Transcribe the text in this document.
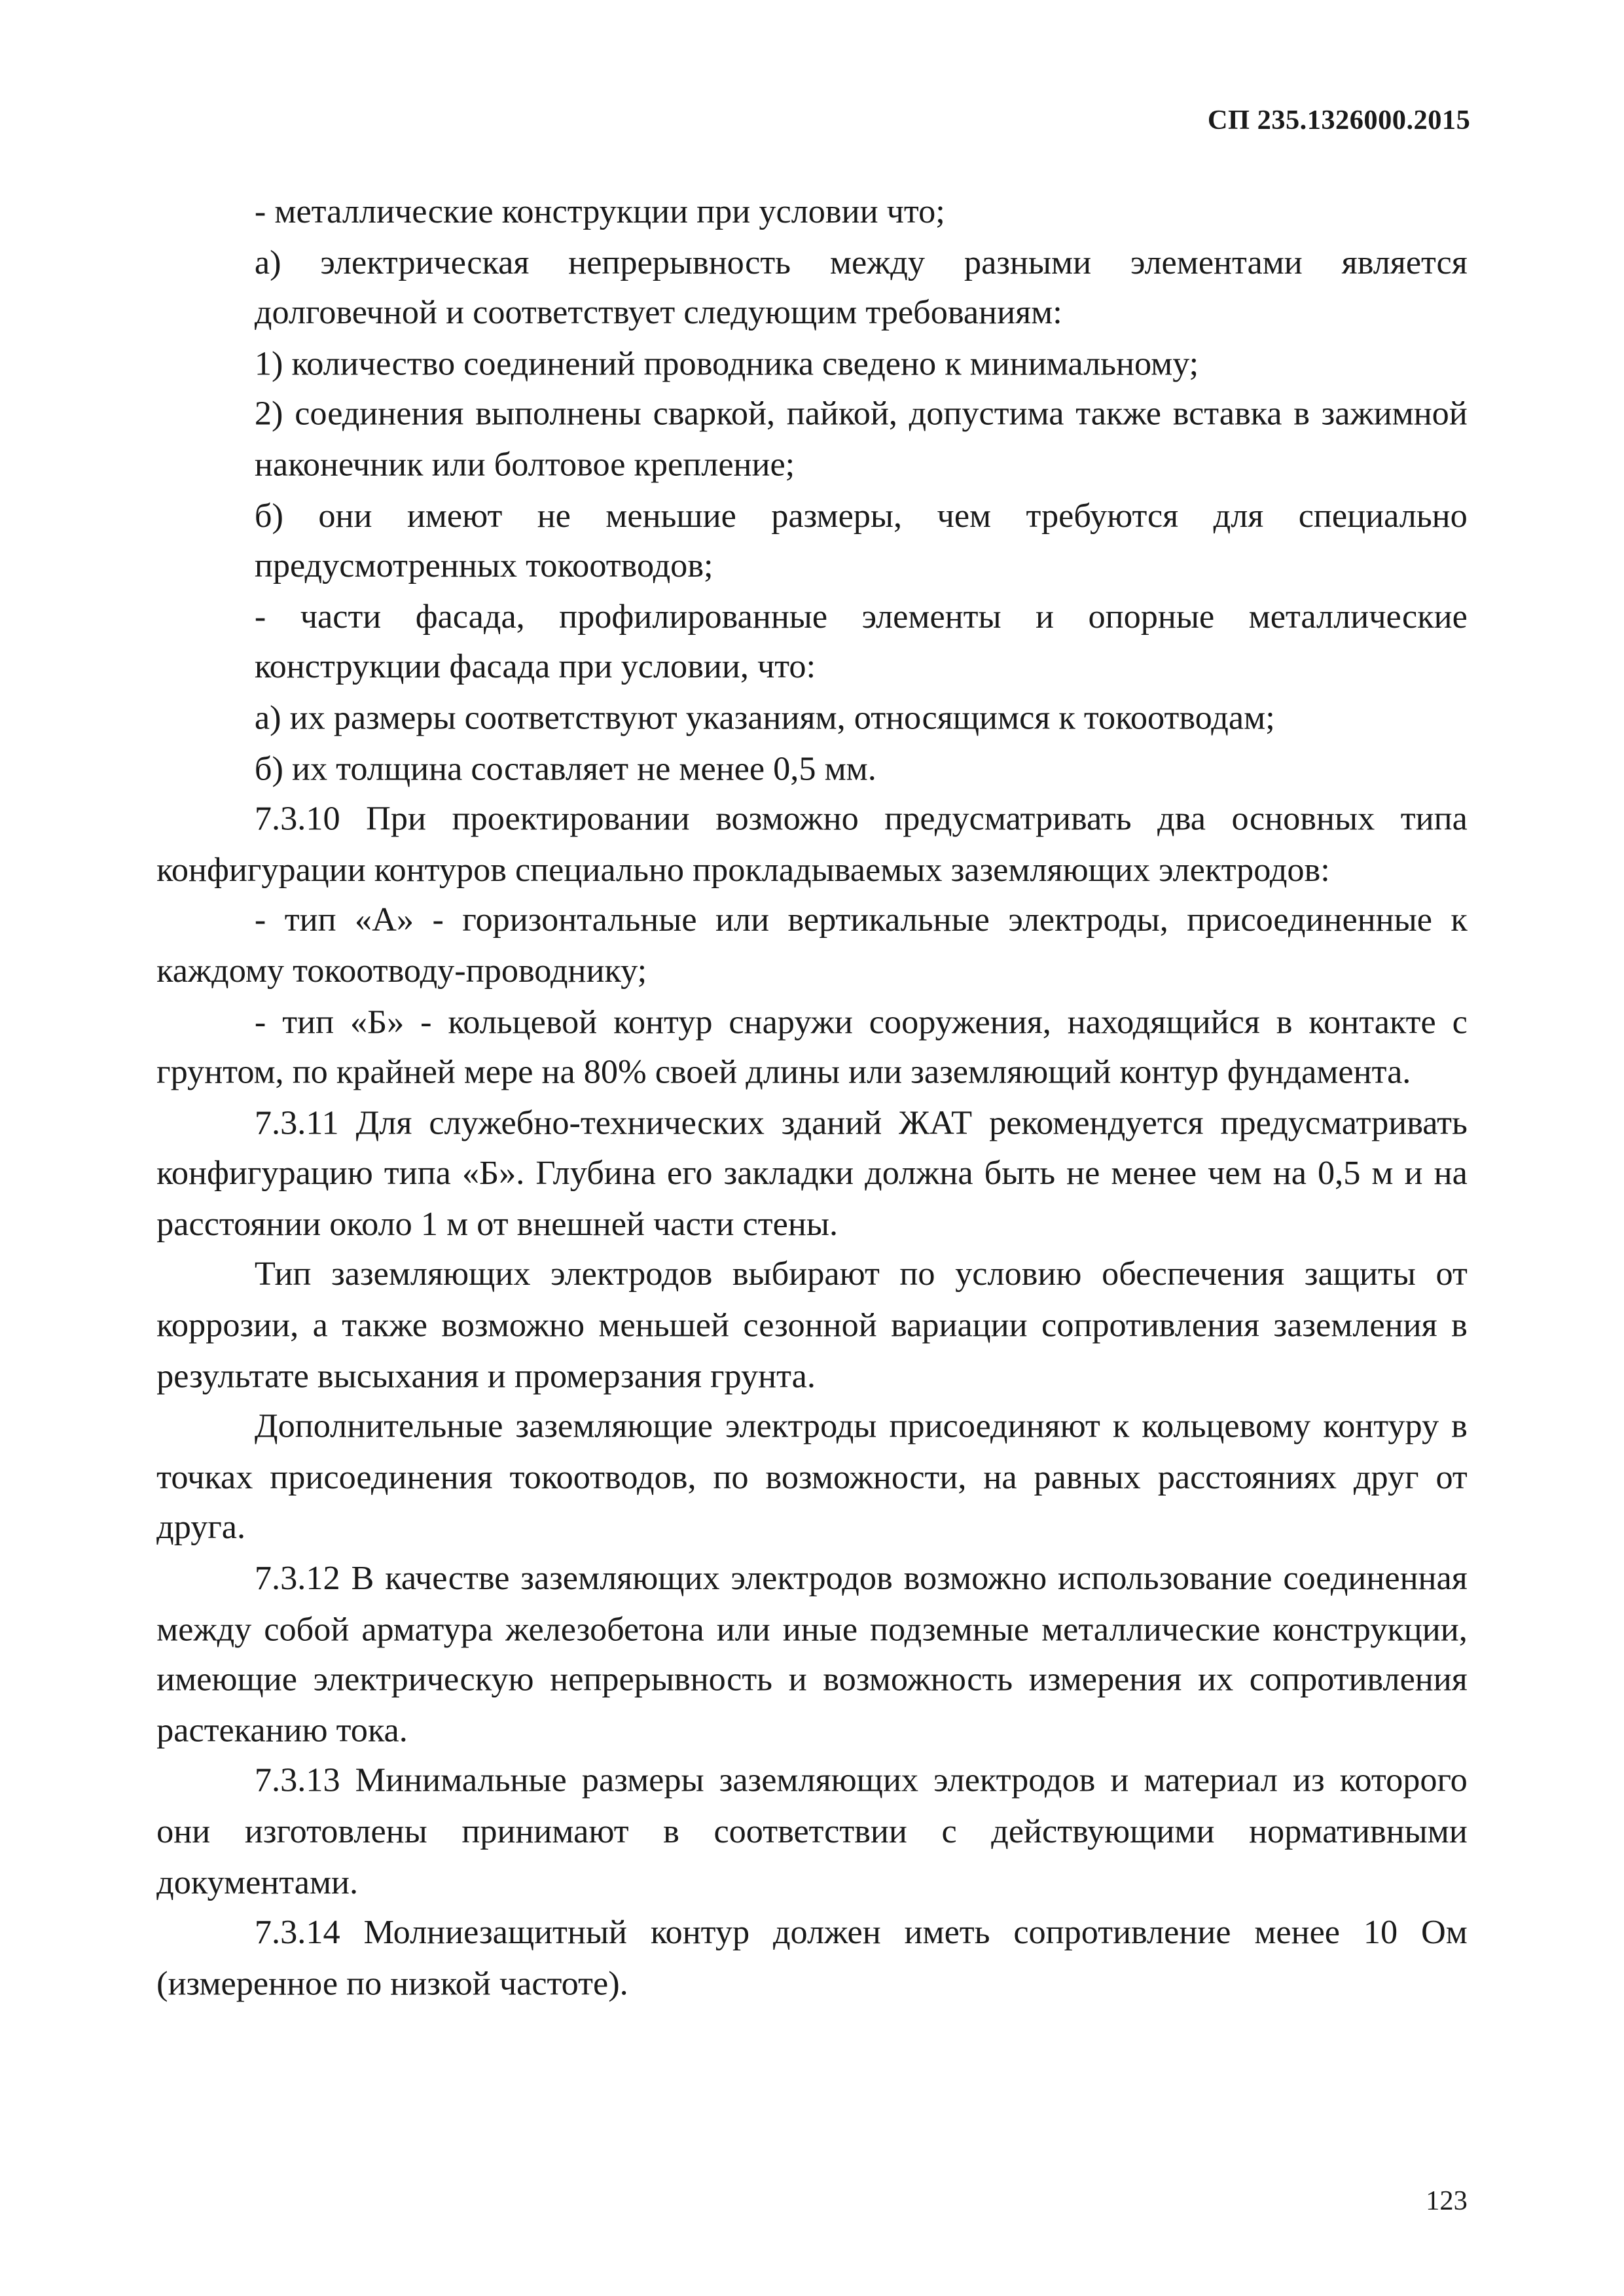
СП 235.1326000.2015

- металлические конструкции при условии что;

а) электрическая непрерывность между разными элементами является долговечной и соответствует следующим требованиям:

1) количество соединений проводника сведено к минимальному;

2) соединения выполнены сваркой, пайкой, допустима также вставка в зажимной наконечник или болтовое крепление;

б) они имеют не меньшие размеры, чем требуются для специально предусмотренных токоотводов;

- части фасада, профилированные элементы и опорные металлические конструкции фасада при условии, что:

а) их размеры соответствуют указаниям, относящимся к токоотводам;

б) их толщина составляет не менее 0,5 мм.

7.3.10 При проектировании возможно предусматривать два основных типа конфигурации контуров специально прокладываемых заземляющих электродов:

- тип «А» - горизонтальные или вертикальные электроды, присоединенные к каждому токоотводу-проводнику;

- тип «Б» - кольцевой контур снаружи сооружения, находящийся в контакте с грунтом, по крайней мере на 80% своей длины или заземляющий контур фундамента.

7.3.11 Для служебно-технических зданий ЖАТ рекомендуется предусматривать конфигурацию типа «Б». Глубина его закладки должна быть не менее чем на 0,5 м и на расстоянии около 1 м от внешней части стены.

Тип заземляющих электродов выбирают по условию обеспечения защиты от коррозии, а также возможно меньшей сезонной вариации сопротивления заземления в результате высыхания и промерзания грунта.

Дополнительные заземляющие электроды присоединяют к кольцевому контуру в точках присоединения токоотводов, по возможности, на равных расстояниях друг от друга.

7.3.12 В качестве заземляющих электродов возможно использование соединенная между собой арматура железобетона или иные подземные металлические конструкции, имеющие электрическую непрерывность и возможность измерения их сопротивления растеканию тока.

7.3.13 Минимальные размеры заземляющих электродов и материал из которого они изготовлены принимают в соответствии с действующими нормативными документами.

7.3.14 Молниезащитный контур должен иметь сопротивление менее 10 Ом (измеренное по низкой частоте).

123
